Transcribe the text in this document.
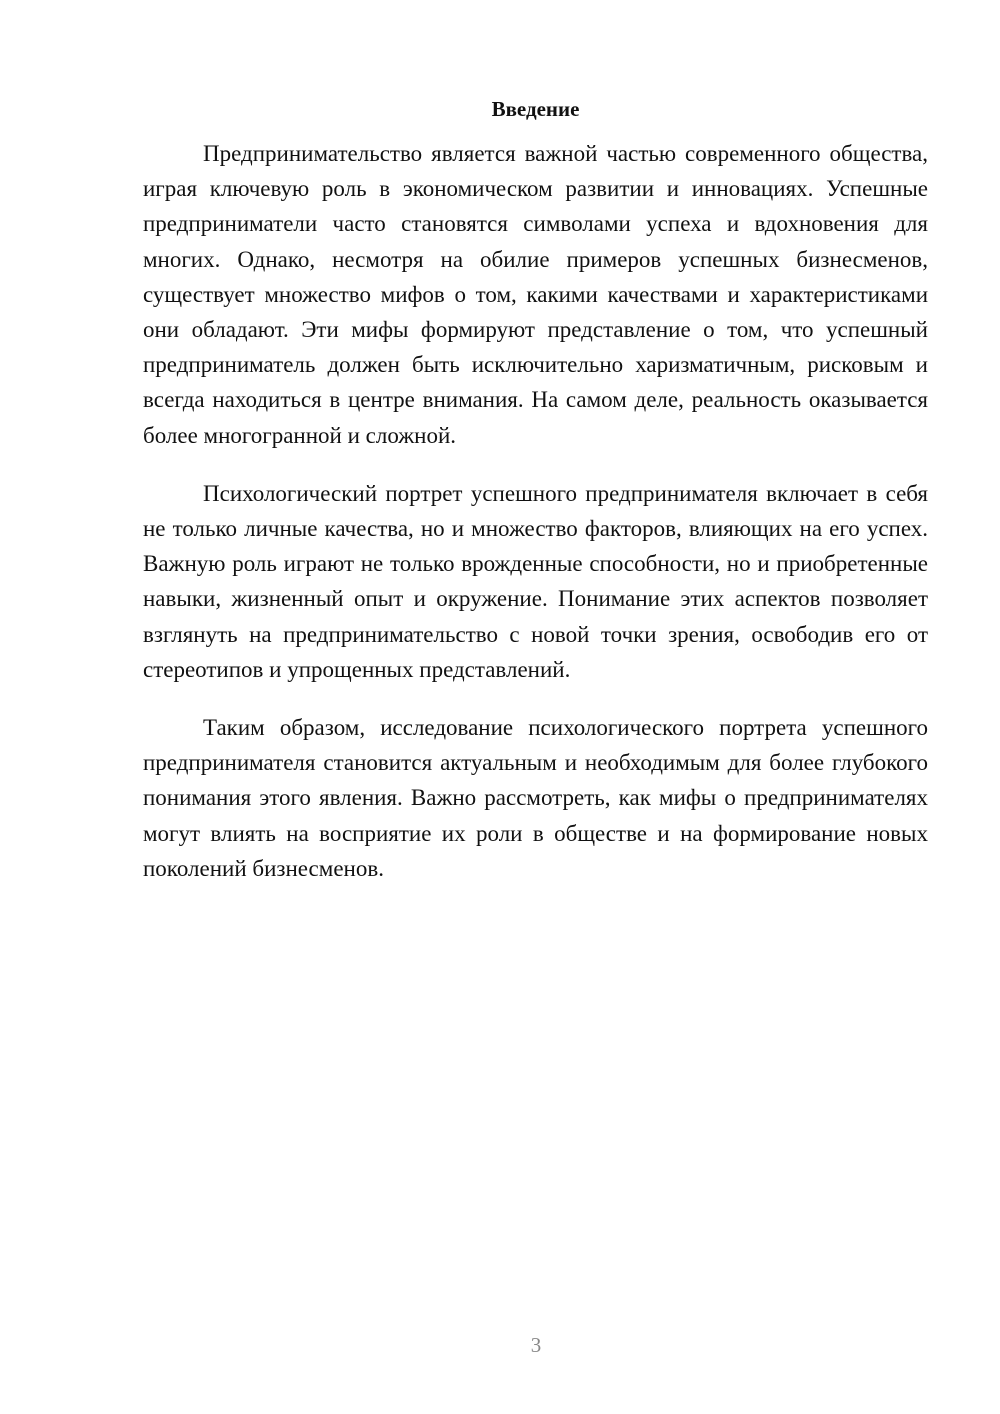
Введение

Предпринимательство является важной частью современного общества, играя ключевую роль в экономическом развитии и инновациях. Успешные предприниматели часто становятся символами успеха и вдохновения для многих. Однако, несмотря на обилие примеров успешных бизнесменов, существует множество мифов о том, какими качествами и характеристиками они обладают. Эти мифы формируют представление о том, что успешный предприниматель должен быть исключительно харизматичным, рисковым и всегда находиться в центре внимания. На самом деле, реальность оказывается более многогранной и сложной.

Психологический портрет успешного предпринимателя включает в себя не только личные качества, но и множество факторов, влияющих на его успех. Важную роль играют не только врожденные способности, но и приобретенные навыки, жизненный опыт и окружение. Понимание этих аспектов позволяет взглянуть на предпринимательство с новой точки зрения, освободив его от стереотипов и упрощенных представлений.

Таким образом, исследование психологического портрета успешного предпринимателя становится актуальным и необходимым для более глубокого понимания этого явления. Важно рассмотреть, как мифы о предпринимателях могут влиять на восприятие их роли в обществе и на формирование новых поколений бизнесменов.

3
